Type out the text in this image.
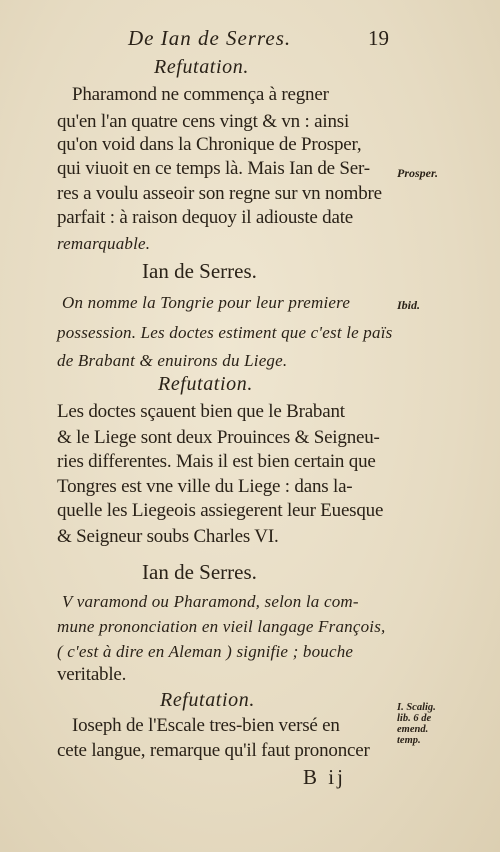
De Ian de Serres.	19
Refutation.
Pharamond ne commença à regner
qu'en l'an quatre cens vingt & vn : ainsi
qu'on void dans la Chronique de Prosper,
qui viuoit en ce temps là. Mais Ian de Ser-
res a voulu asseoir son regne sur vn nombre
parfait : à raison dequoy il adiouste date
remarquable.
Ian de Serres.
On nomme la Tongrie pour leur premiere
possession. Les doctes estiment que c'est le païs
de Brabant & enuirons du Liege.
Refutation.
Les doctes sçauent bien que le Brabant
& le Liege sont deux Prouinces & Seigneu-
ries differentes. Mais il est bien certain que
Tongres est vne ville du Liege : dans la-
quelle les Liegeois assiegerent leur Euesque
& Seigneur soubs Charles VI.
Ian de Serres.
V varamond ou Pharamond, selon la com-
mune prononciation en vieil langage François,
( c'est à dire en Aleman ) signifie ; bouche
veritable.
Refutation.
Ioseph de l'Escale tres-bien versé en
cete langue, remarque qu'il faut prononcer
B ij
Prosper.
Ibid.
I. Scalig.
lib. 6 de
emend.
temp.
